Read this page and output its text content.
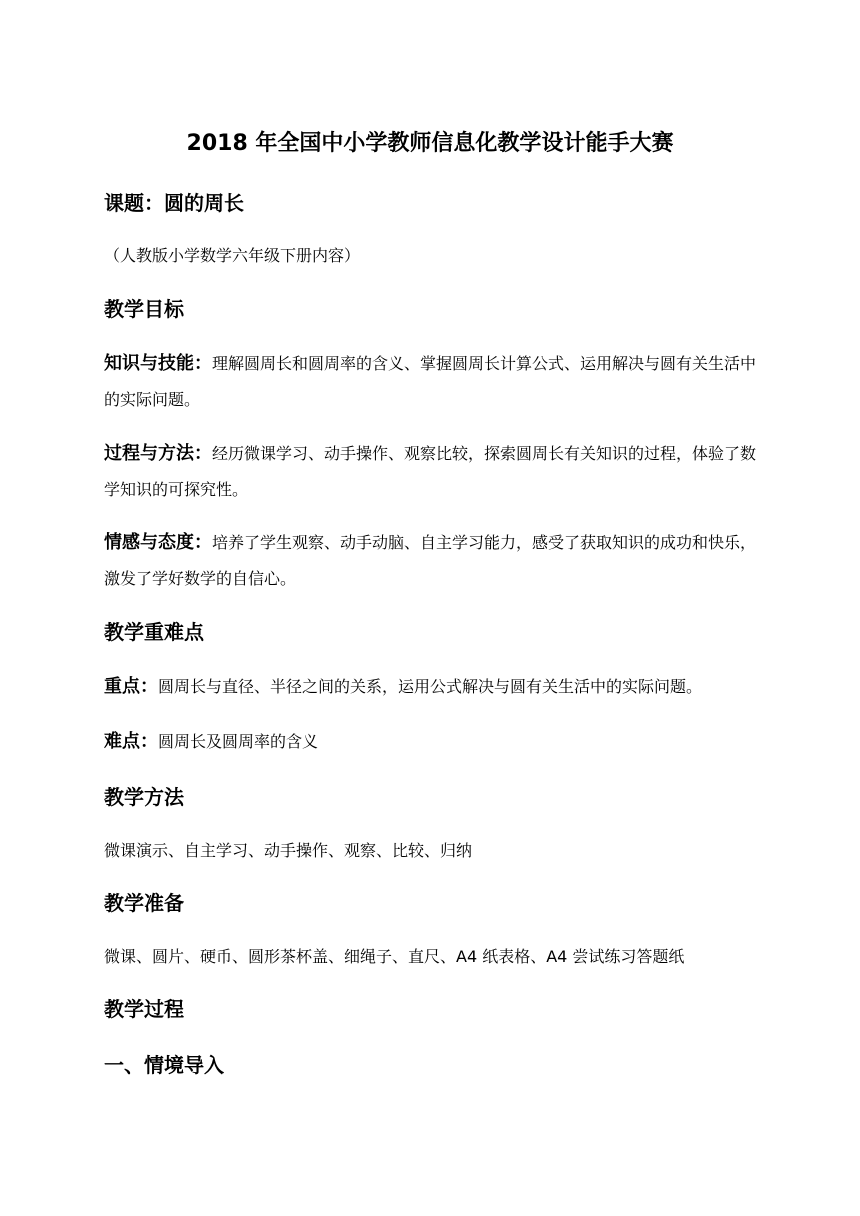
2018 年全国中小学教师信息化教学设计能手大赛
课题：圆的周长
（人教版小学数学六年级下册内容）
教学目标
知识与技能：理解圆周长和圆周率的含义、掌握圆周长计算公式、运用解决与圆有关生活中的实际问题。
过程与方法：经历微课学习、动手操作、观察比较，探索圆周长有关知识的过程，体验了数学知识的可探究性。
情感与态度：培养了学生观察、动手动脑、自主学习能力，感受了获取知识的成功和快乐，激发了学好数学的自信心。
教学重难点
重点：圆周长与直径、半径之间的关系，运用公式解决与圆有关生活中的实际问题。
难点：圆周长及圆周率的含义
教学方法
微课演示、自主学习、动手操作、观察、比较、归纳
教学准备
微课、圆片、硬币、圆形茶杯盖、细绳子、直尺、A4 纸表格、A4 尝试练习答题纸
教学过程
一、情境导入
